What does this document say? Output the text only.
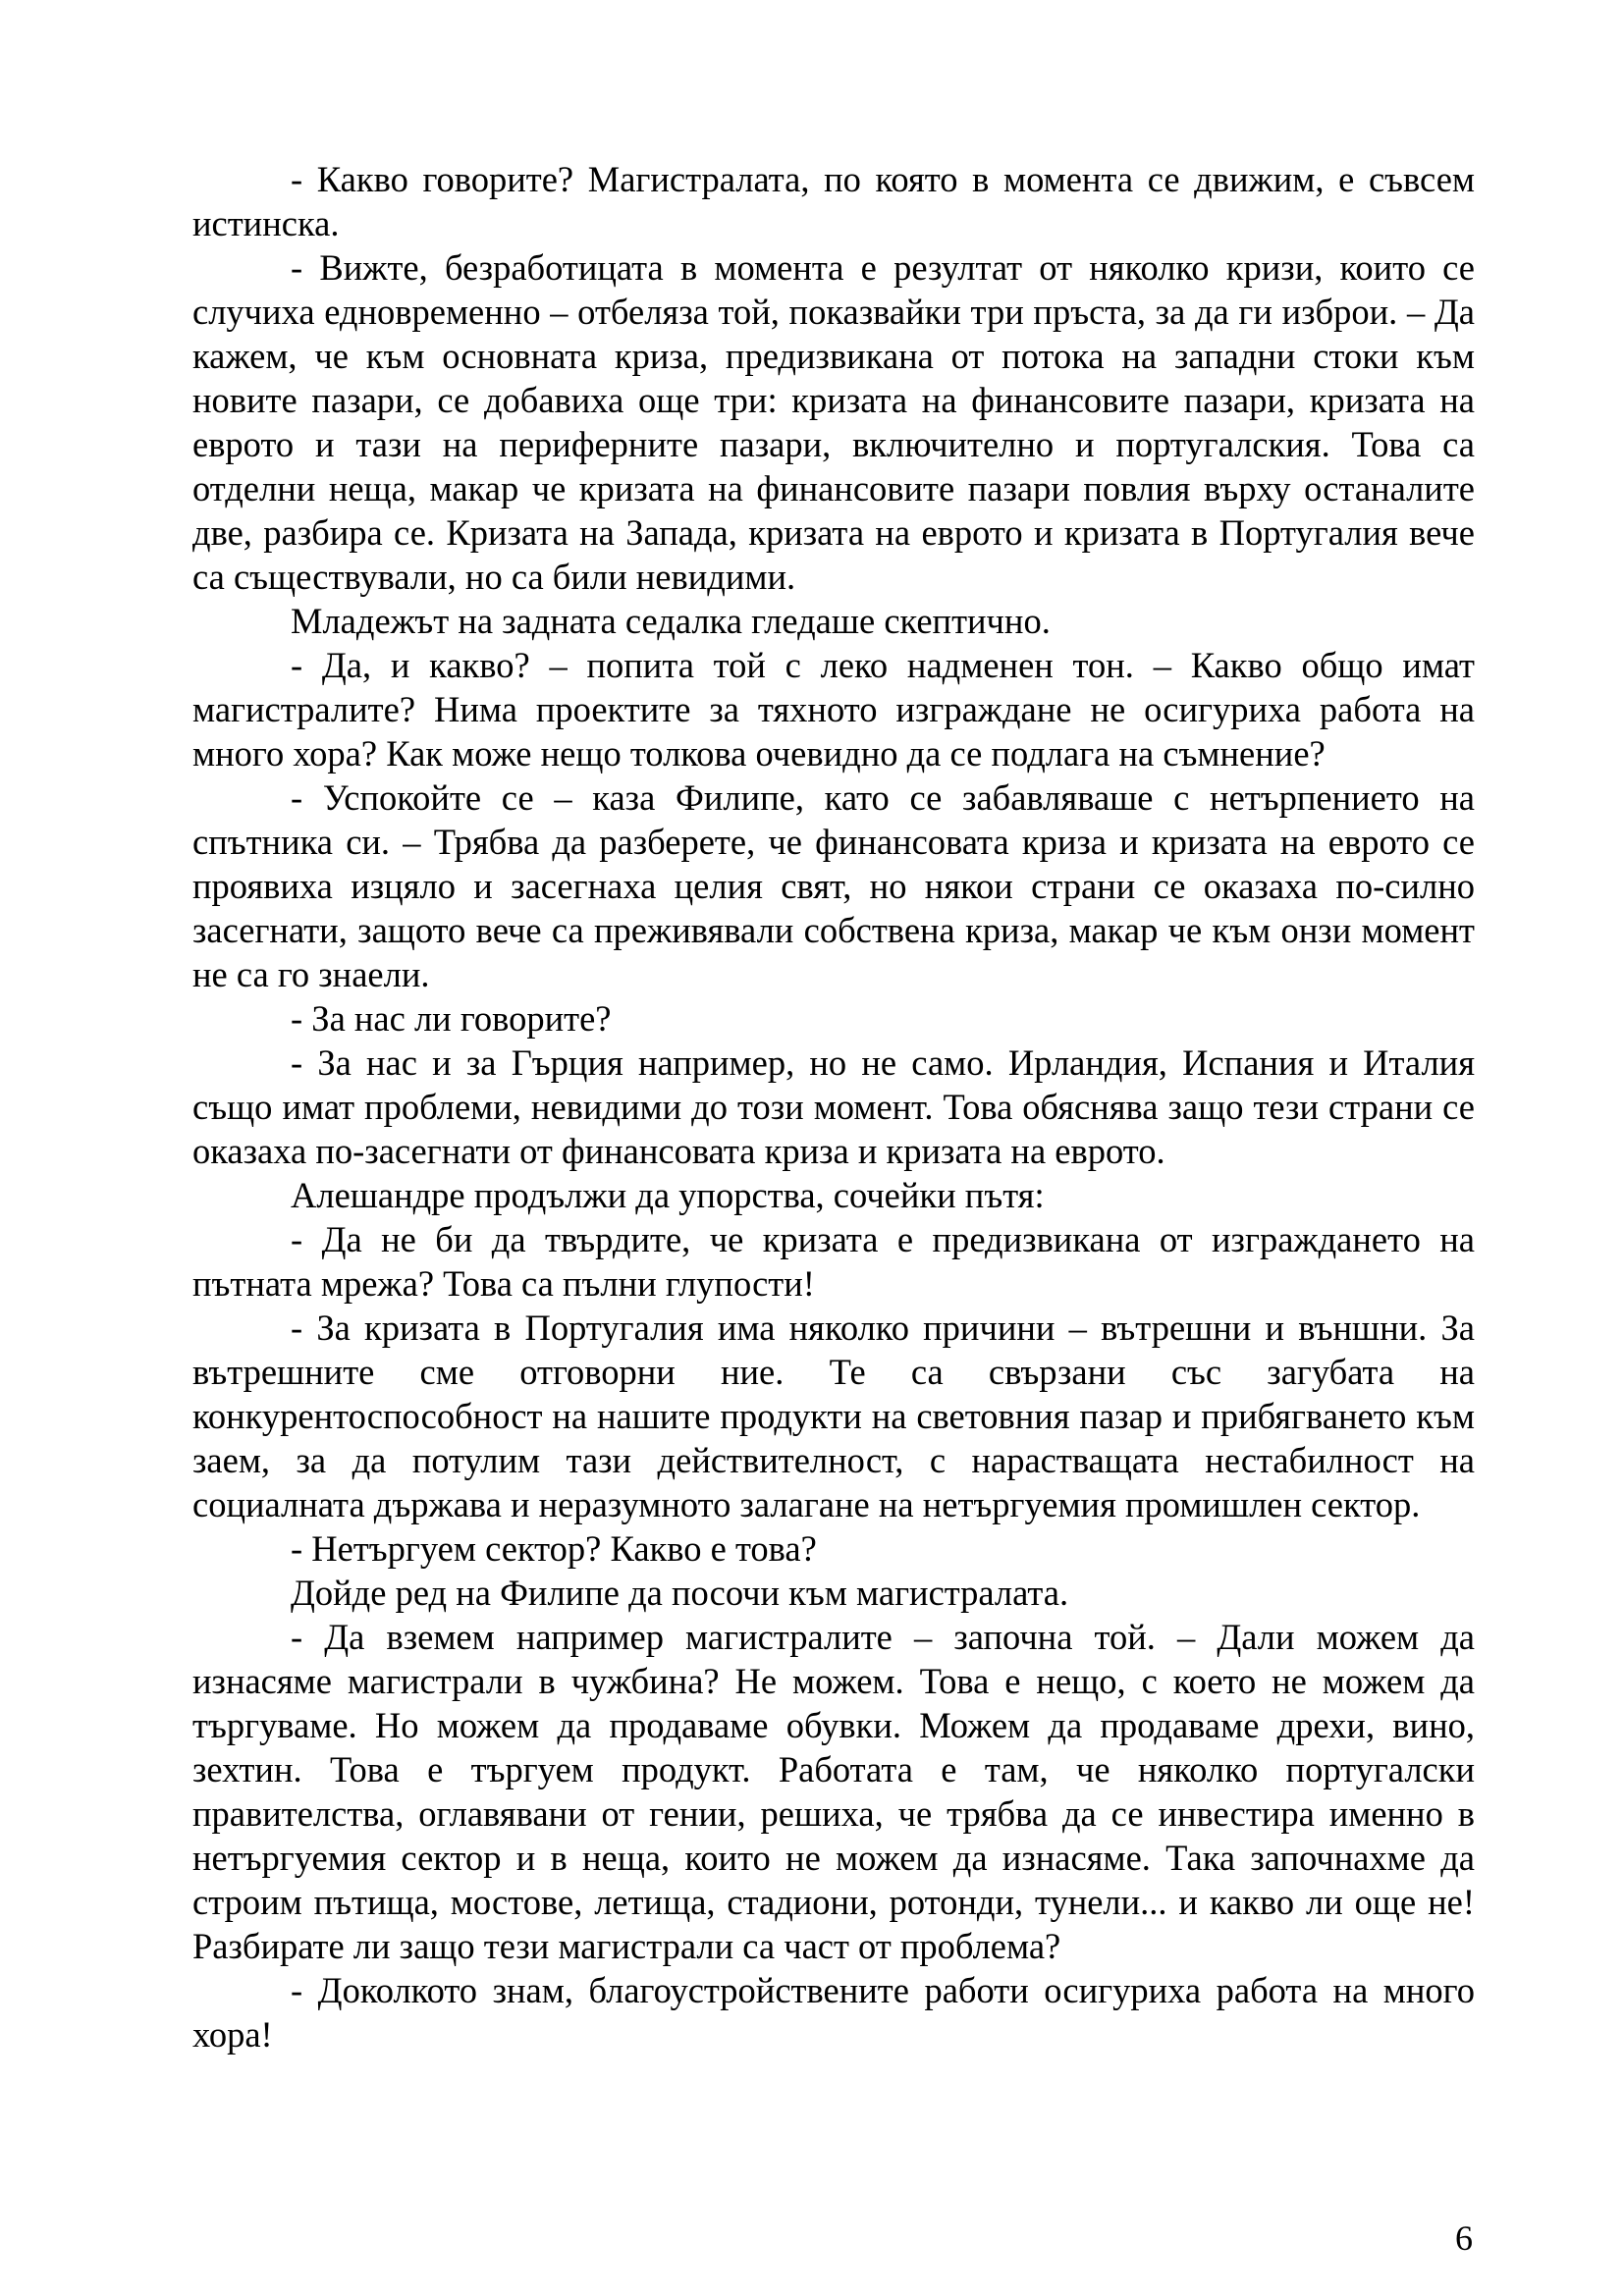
- Какво говорите? Магистралата, по която в момента се движим, е съвсем истинска.

- Вижте, безработицата в момента е резултат от няколко кризи, които се случиха едновременно – отбеляза той, показвайки три пръста, за да ги изброи. – Да кажем, че към основната криза, предизвикана от потока на западни стоки към новите пазари, се добавиха още три: кризата на финансовите пазари, кризата на еврото и тази на периферните пазари, включително и португалския. Това са отделни неща, макар че кризата на финансовите пазари повлия върху останалите две, разбира се. Кризата на Запада, кризата на еврото и кризата в Португалия вече са съществували, но са били невидими.

Младежът на задната седалка гледаше скептично.

- Да, и какво? – попита той с леко надменен тон. – Какво общо имат магистралите? Нима проектите за тяхното изграждане не осигуриха работа на много хора? Как може нещо толкова очевидно да се подлага на съмнение?

- Успокойте се – каза Филипе, като се забавляваше с нетърпението на спътника си. – Трябва да разберете, че финансовата криза и кризата на еврото се проявиха изцяло и засегнаха целия свят, но някои страни се оказаха по-силно засегнати, защото вече са преживявали собствена криза, макар че към онзи момент не са го знаели.

- За нас ли говорите?

- За нас и за Гърция например, но не само. Ирландия, Испания и Италия също имат проблеми, невидими до този момент. Това обяснява защо тези страни се оказаха по-засегнати от финансовата криза и кризата на еврото.

Алешандре продължи да упорства, сочейки пътя:

- Да не би да твърдите, че кризата е предизвикана от изграждането на пътната мрежа? Това са пълни глупости!

- За кризата в Португалия има няколко причини – вътрешни и външни. За вътрешните сме отговорни ние. Те са свързани със загубата на конкурентоспособност на нашите продукти на световния пазар и прибягването към заем, за да потулим тази действителност, с нарастващата нестабилност на социалната държава и неразумното залагане на нетъргуемия промишлен сектор.

- Нетъргуем сектор? Какво е това?

Дойде ред на Филипе да посочи към магистралата.

- Да вземем например магистралите – започна той. – Дали можем да изнасяме магистрали в чужбина? Не можем. Това е нещо, с което не можем да търгуваме. Но можем да продаваме обувки. Можем да продаваме дрехи, вино, зехтин. Това е търгуем продукт. Работата е там, че няколко португалски правителства, оглавявани от гении, решиха, че трябва да се инвестира именно в нетъргуемия сектор и в неща, които не можем да изнасяме. Така започнахме да строим пътища, мостове, летища, стадиони, ротонди, тунели... и какво ли още не! Разбирате ли защо тези магистрали са част от проблема?

- Доколкото знам, благоустройствените работи осигуриха работа на много хора!

6
